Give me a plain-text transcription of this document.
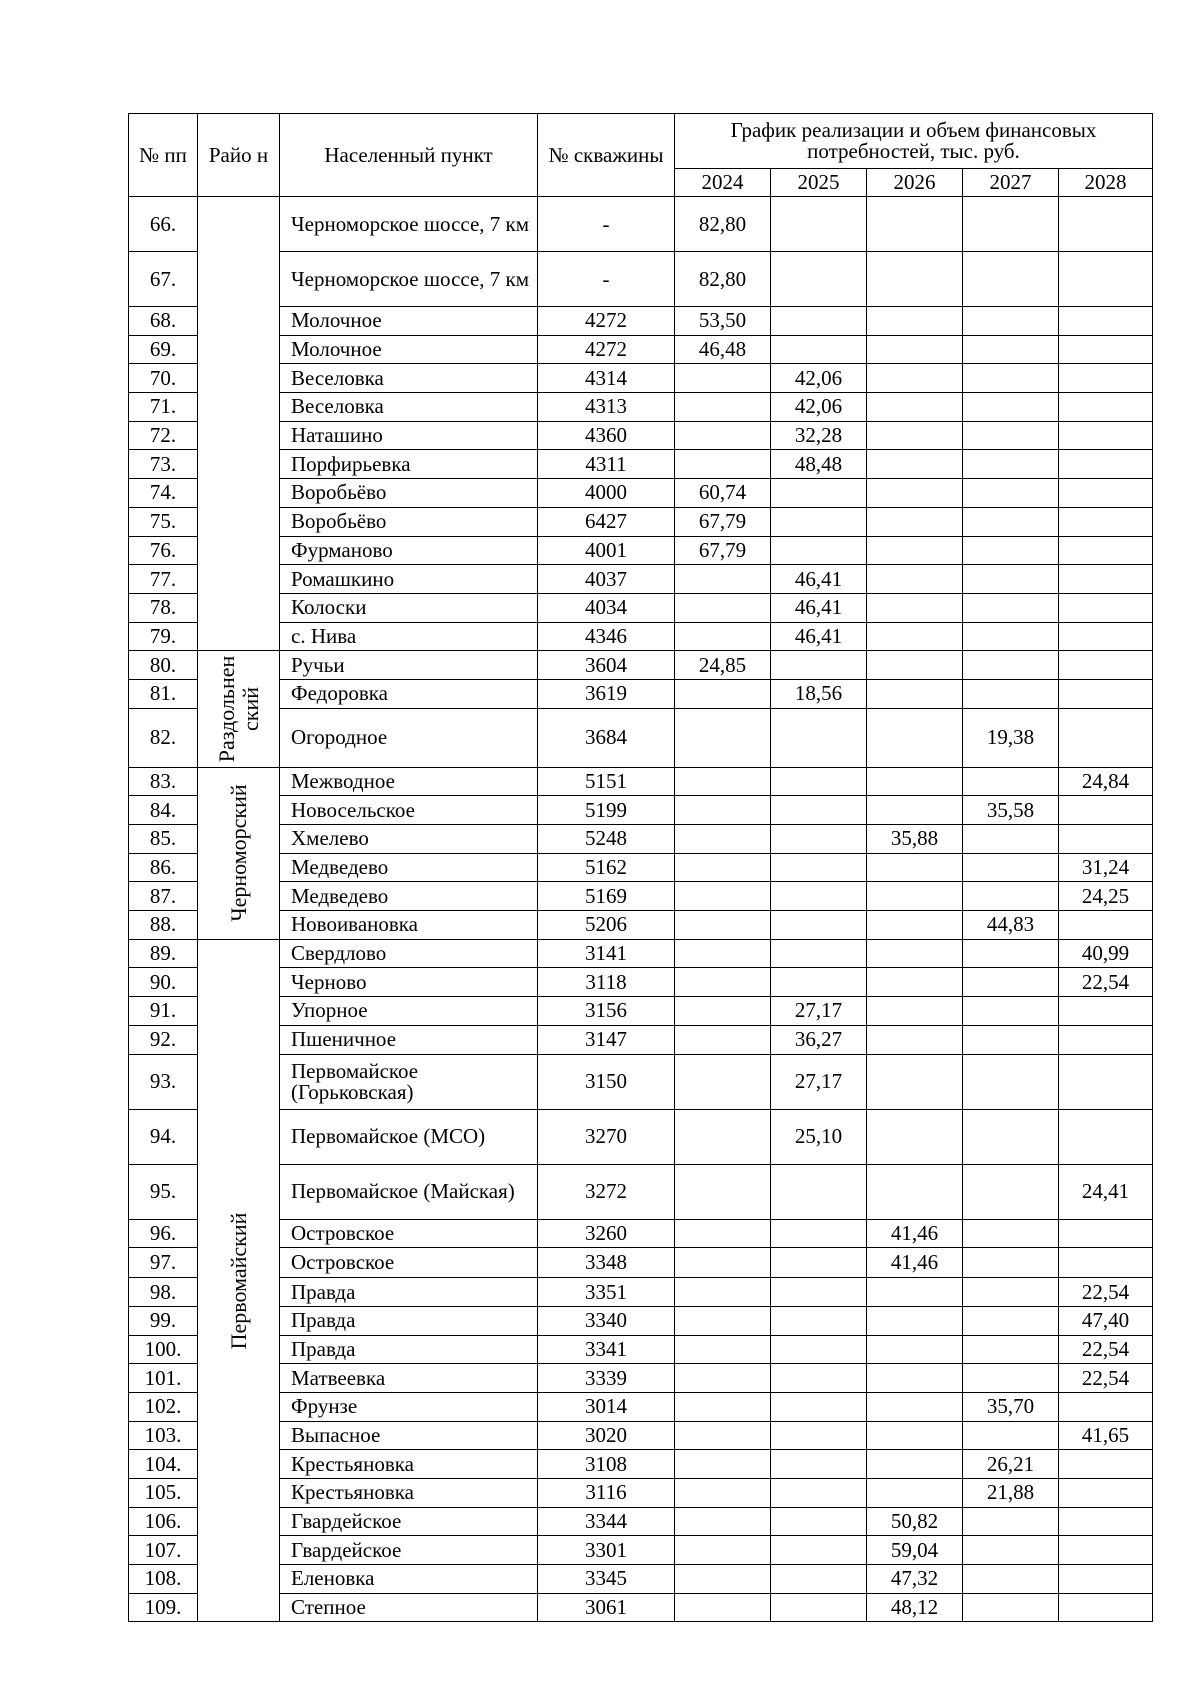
№ пп	Райо н	Населенный пункт	№ скважины	График реализации и объем финансовых потребностей, тыс. руб.				
				2024	2025	2026	2027	2028
66.		Черноморское шоссе, 7 км	-	82,80				
67.		Черноморское шоссе, 7 км	-	82,80				
68.		Молочное	4272	53,50				
69.		Молочное	4272	46,48				
70.		Веселовка	4314		42,06			
71.		Веселовка	4313		42,06			
72.		Наташино	4360		32,28			
73.		Порфирьевка	4311		48,48			
74.		Воробьёво	4000	60,74				
75.		Воробьёво	6427	67,79				
76.		Фурманово	4001	67,79				
77.		Ромашкино	4037		46,41			
78.		Колоски	4034		46,41			
79.		с. Нива	4346		46,41			
80.	Раздольнен ский	Ручьи	3604	24,85				
81.		Федоровка	3619		18,56			
82.		Огородное	3684				19,38	
83.	Черноморский	Межводное	5151					24,84
84.		Новосельское	5199				35,58	
85.		Хмелево	5248			35,88		
86.		Медведево	5162					31,24
87.		Медведево	5169					24,25
88.		Новоивановка	5206				44,83	
89.	Первомайский	Свердлово	3141					40,99
90.		Черново	3118					22,54
91.		Упорное	3156		27,17			
92.		Пшеничное	3147		36,27			
93.		Первомайское (Горьковская)	3150		27,17			
94.		Первомайское (МСО)	3270		25,10			
95.		Первомайское (Майская)	3272					24,41
96.		Островское	3260			41,46		
97.		Островское	3348			41,46		
98.		Правда	3351					22,54
99.		Правда	3340					47,40
100.		Правда	3341					22,54
101.		Матвеевка	3339					22,54
102.		Фрунзе	3014				35,70	
103.		Выпасное	3020					41,65
104.		Крестьяновка	3108				26,21	
105.		Крестьяновка	3116				21,88	
106.		Гвардейское	3344			50,82		
107.		Гвардейское	3301			59,04		
108.		Еленовка	3345			47,32		
109.		Степное	3061			48,12		
